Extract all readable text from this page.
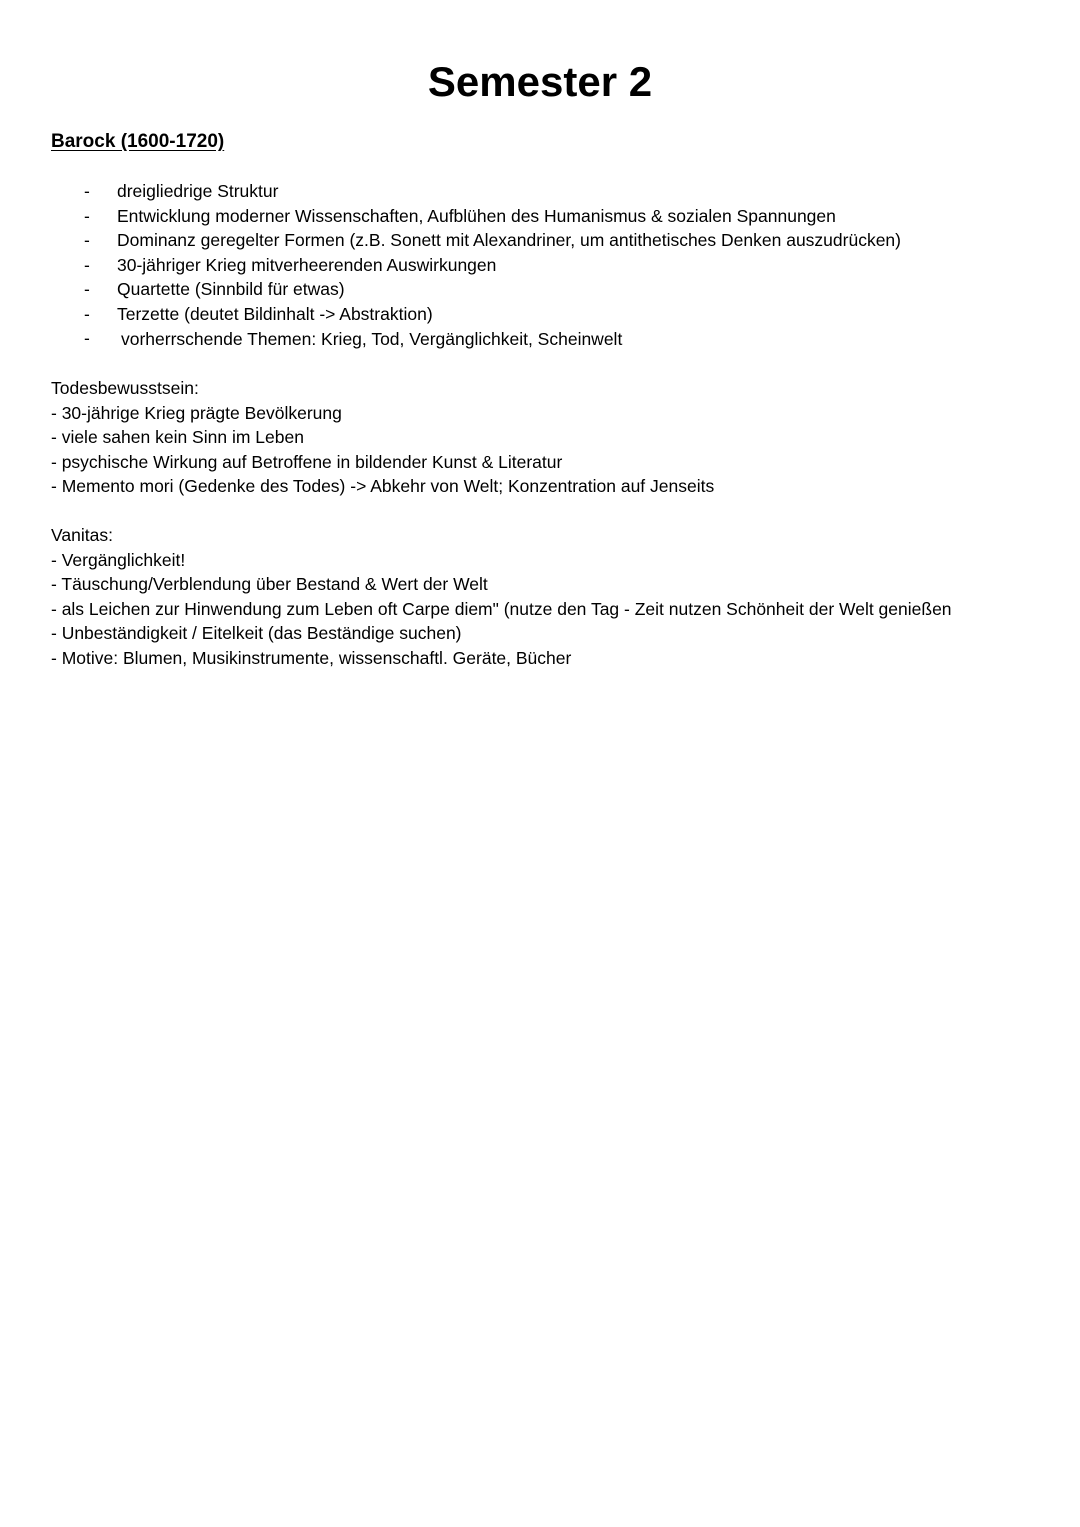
Semester 2
Barock (1600-1720)
- dreigliedrige Struktur
- Entwicklung moderner Wissenschaften, Aufblühen des Humanismus & sozialen Spannungen
- Dominanz geregelter Formen (z.B. Sonett mit Alexandriner, um antithetisches Denken auszudrücken)
- 30-jähriger Krieg mitverheerenden Auswirkungen
- Quartette (Sinnbild für etwas)
- Terzette (deutet Bildinhalt -> Abstraktion)
- vorherrschende Themen: Krieg, Tod, Vergänglichkeit, Scheinwelt
Todesbewusstsein:
- 30-jährige Krieg prägte Bevölkerung
- viele sahen kein Sinn im Leben
- psychische Wirkung auf Betroffene in bildender Kunst & Literatur
- Memento mori (Gedenke des Todes) -> Abkehr von Welt; Konzentration auf Jenseits
Vanitas:
- Vergänglichkeit!
- Täuschung/Verblendung über Bestand & Wert der Welt
- als Leichen zur Hinwendung zum Leben oft Carpe diem" (nutze den Tag - Zeit nutzen Schönheit der Welt genießen
- Unbeständigkeit / Eitelkeit (das Beständige suchen)
- Motive: Blumen, Musikinstrumente, wissenschaftl. Geräte, Bücher
